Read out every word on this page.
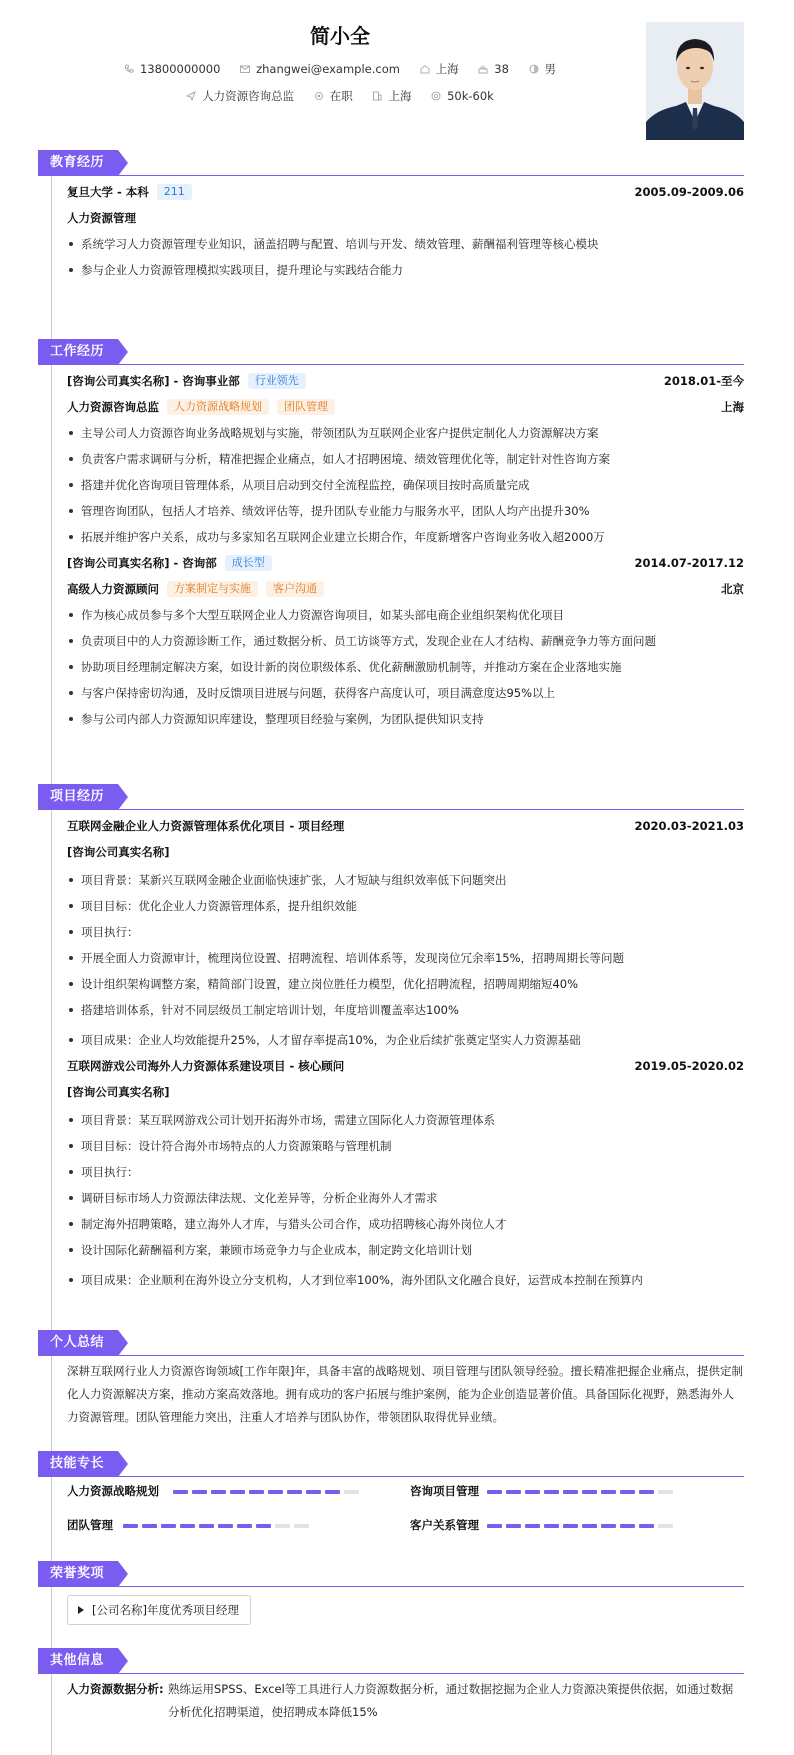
简小全
13800000000	zhangwei@example.com	上海	38	男
人力资源咨询总监	在职	上海	50k-60k
教育经历
复旦大学 - 本科 211	2005.09-2009.06
人力资源管理
系统学习人力资源管理专业知识，涵盖招聘与配置、培训与开发、绩效管理、薪酬福利管理等核心模块
参与企业人力资源管理模拟实践项目，提升理论与实践结合能力
工作经历
[咨询公司真实名称] - 咨询事业部 行业领先	2018.01-至今
人力资源咨询总监 人力资源战略规划 团队管理	上海
主导公司人力资源咨询业务战略规划与实施，带领团队为互联网企业客户提供定制化人力资源解决方案
负责客户需求调研与分析，精准把握企业痛点，如人才招聘困境、绩效管理优化等，制定针对性咨询方案
搭建并优化咨询项目管理体系，从项目启动到交付全流程监控，确保项目按时高质量完成
管理咨询团队，包括人才培养、绩效评估等，提升团队专业能力与服务水平，团队人均产出提升30%
拓展并维护客户关系，成功与多家知名互联网企业建立长期合作，年度新增客户咨询业务收入超2000万
[咨询公司真实名称] - 咨询部 成长型	2014.07-2017.12
高级人力资源顾问 方案制定与实施 客户沟通	北京
作为核心成员参与多个大型互联网企业人力资源咨询项目，如某头部电商企业组织架构优化项目
负责项目中的人力资源诊断工作，通过数据分析、员工访谈等方式，发现企业在人才结构、薪酬竞争力等方面问题
协助项目经理制定解决方案，如设计新的岗位职级体系、优化薪酬激励机制等，并推动方案在企业落地实施
与客户保持密切沟通，及时反馈项目进展与问题，获得客户高度认可，项目满意度达95%以上
参与公司内部人力资源知识库建设，整理项目经验与案例，为团队提供知识支持
项目经历
互联网金融企业人力资源管理体系优化项目 - 项目经理	2020.03-2021.03
[咨询公司真实名称]
项目背景：某新兴互联网金融企业面临快速扩张，人才短缺与组织效率低下问题突出
项目目标：优化企业人力资源管理体系，提升组织效能
项目执行：
开展全面人力资源审计，梳理岗位设置、招聘流程、培训体系等，发现岗位冗余率15%，招聘周期长等问题
设计组织架构调整方案，精简部门设置，建立岗位胜任力模型，优化招聘流程，招聘周期缩短40%
搭建培训体系，针对不同层级员工制定培训计划，年度培训覆盖率达100%
项目成果：企业人均效能提升25%，人才留存率提高10%，为企业后续扩张奠定坚实人力资源基础
互联网游戏公司海外人力资源体系建设项目 - 核心顾问	2019.05-2020.02
[咨询公司真实名称]
项目背景：某互联网游戏公司计划开拓海外市场，需建立国际化人力资源管理体系
项目目标：设计符合海外市场特点的人力资源策略与管理机制
项目执行：
调研目标市场人力资源法律法规、文化差异等，分析企业海外人才需求
制定海外招聘策略，建立海外人才库，与猎头公司合作，成功招聘核心海外岗位人才
设计国际化薪酬福利方案，兼顾市场竞争力与企业成本，制定跨文化培训计划
项目成果：企业顺利在海外设立分支机构，人才到位率100%，海外团队文化融合良好，运营成本控制在预算内
个人总结
深耕互联网行业人力资源咨询领域[工作年限]年，具备丰富的战略规划、项目管理与团队领导经验。擅长精准把握企业痛点，提供定制化人力资源解决方案，推动方案高效落地。拥有成功的客户拓展与维护案例，能为企业创造显著价值。具备国际化视野，熟悉海外人力资源管理。团队管理能力突出，注重人才培养与团队协作，带领团队取得优异业绩。
技能专长
人力资源战略规划	咨询项目管理
团队管理	客户关系管理
荣誉奖项
[公司名称]年度优秀项目经理
其他信息
人力资源数据分析: 熟练运用SPSS、Excel等工具进行人力资源数据分析，通过数据挖掘为企业人力资源决策提供依据，如通过数据分析优化招聘渠道，使招聘成本降低15%
